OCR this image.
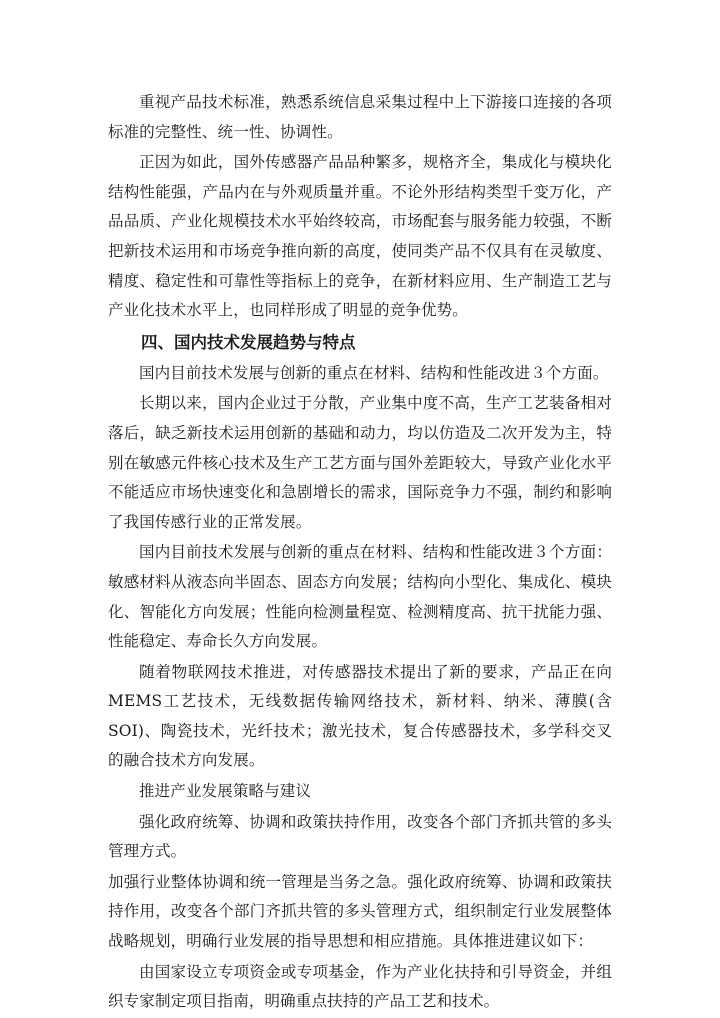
重视产品技术标准，熟悉系统信息采集过程中上下游接口连接的各项标准的完整性、统一性、协调性。

正因为如此，国外传感器产品品种繁多，规格齐全，集成化与模块化结构性能强，产品内在与外观质量并重。不论外形结构类型千变万化，产品品质、产业化规模技术水平始终较高，市场配套与服务能力较强，不断把新技术运用和市场竞争推向新的高度，使同类产品不仅具有在灵敏度、精度、稳定性和可靠性等指标上的竞争，在新材料应用、生产制造工艺与产业化技术水平上，也同样形成了明显的竞争优势。

四、国内技术发展趋势与特点

国内目前技术发展与创新的重点在材料、结构和性能改进３个方面。

长期以来，国内企业过于分散，产业集中度不高，生产工艺装备相对落后，缺乏新技术运用创新的基础和动力，均以仿造及二次开发为主，特别在敏感元件核心技术及生产工艺方面与国外差距较大，导致产业化水平不能适应市场快速变化和急剧增长的需求，国际竞争力不强，制约和影响了我国传感行业的正常发展。

国内目前技术发展与创新的重点在材料、结构和性能改进３个方面：敏感材料从液态向半固态、固态方向发展；结构向小型化、集成化、模块化、智能化方向发展；性能向检测量程宽、检测精度高、抗干扰能力强、性能稳定、寿命长久方向发展。

随着物联网技术推进，对传感器技术提出了新的要求，产品正在向MEMS工艺技术，无线数据传输网络技术，新材料、纳米、薄膜(含SOI)、陶瓷技术，光纤技术；激光技术，复合传感器技术，多学科交叉的融合技术方向发展。

推进产业发展策略与建议

强化政府统筹、协调和政策扶持作用，改变各个部门齐抓共管的多头管理方式。

加强行业整体协调和统一管理是当务之急。强化政府统筹、协调和政策扶持作用，改变各个部门齐抓共管的多头管理方式，组织制定行业发展整体战略规划，明确行业发展的指导思想和相应措施。具体推进建议如下：

由国家设立专项资金或专项基金，作为产业化扶持和引导资金，并组织专家制定项目指南，明确重点扶持的产品工艺和技术。
